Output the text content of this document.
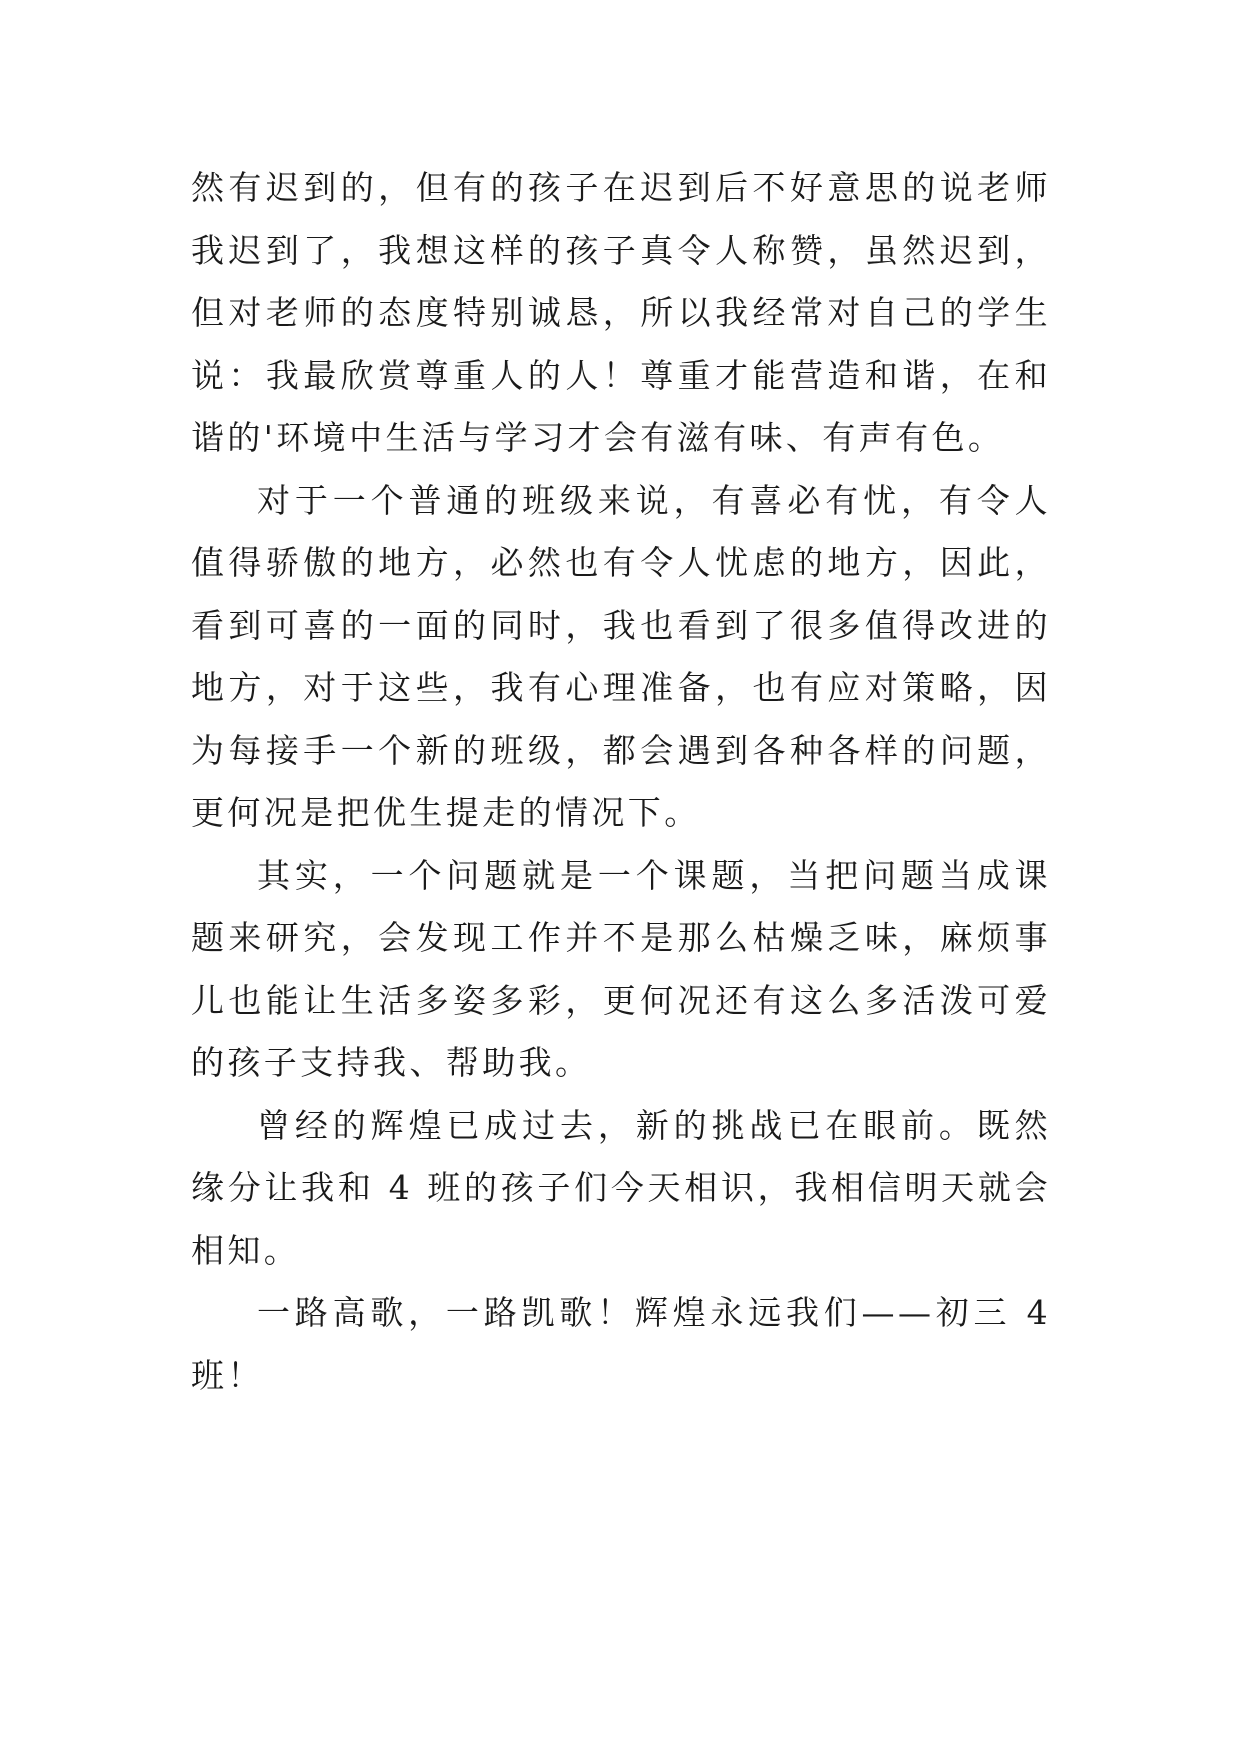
然有迟到的，但有的孩子在迟到后不好意思的说老师我迟到了，我想这样的孩子真令人称赞，虽然迟到，但对老师的态度特别诚恳，所以我经常对自己的学生说：我最欣赏尊重人的人！尊重才能营造和谐，在和谐的'环境中生活与学习才会有滋有味、有声有色。

对于一个普通的班级来说，有喜必有忧，有令人值得骄傲的地方，必然也有令人忧虑的地方，因此，看到可喜的一面的同时，我也看到了很多值得改进的地方，对于这些，我有心理准备，也有应对策略，因为每接手一个新的班级，都会遇到各种各样的问题，更何况是把优生提走的情况下。

其实，一个问题就是一个课题，当把问题当成课题来研究，会发现工作并不是那么枯燥乏味，麻烦事儿也能让生活多姿多彩，更何况还有这么多活泼可爱的孩子支持我、帮助我。

曾经的辉煌已成过去，新的挑战已在眼前。既然缘分让我和 4 班的孩子们今天相识，我相信明天就会相知。

一路高歌，一路凯歌！辉煌永远我们——初三 4 班！
